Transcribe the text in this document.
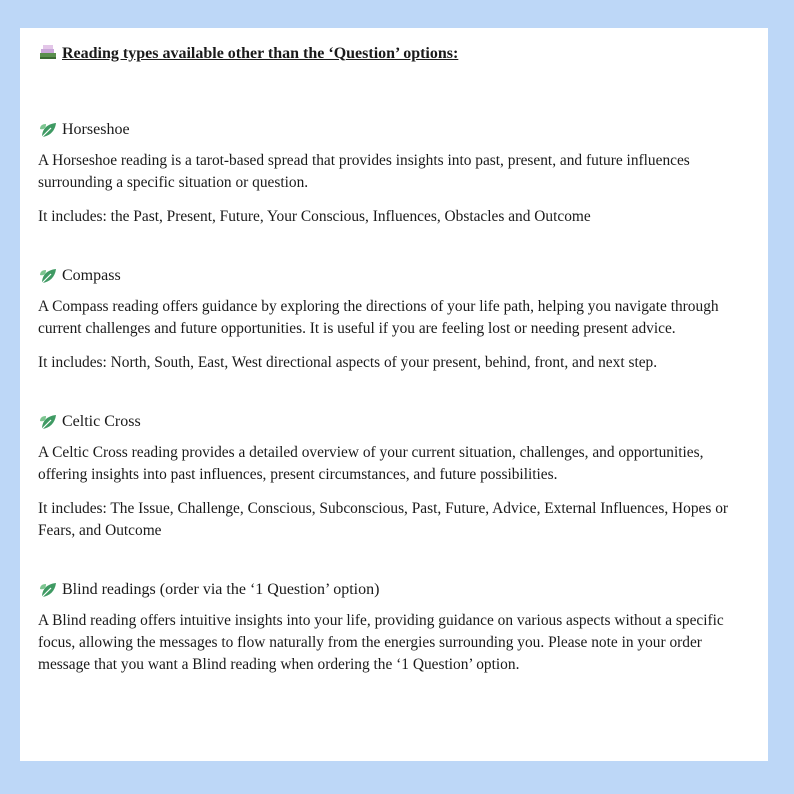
Reading types available other than the ‘Question’ options:
Horseshoe

A Horseshoe reading is a tarot-based spread that provides insights into past, present, and future influences surrounding a specific situation or question.

It includes: the Past, Present, Future, Your Conscious, Influences, Obstacles and Outcome

Compass

A Compass reading offers guidance by exploring the directions of your life path, helping you navigate through current challenges and future opportunities. It is useful if you are feeling lost or needing present advice.

It includes: North, South, East, West directional aspects of your present, behind, front, and next step.

Celtic Cross

A Celtic Cross reading provides a detailed overview of your current situation, challenges, and opportunities, offering insights into past influences, present circumstances, and future possibilities.

It includes: The Issue, Challenge, Conscious, Subconscious, Past, Future, Advice, External Influences, Hopes or Fears, and Outcome

Blind readings (order via the ‘1 Question’ option)

A Blind reading offers intuitive insights into your life, providing guidance on various aspects without a specific focus, allowing the messages to flow naturally from the energies surrounding you. Please note in your order message that you want a Blind reading when ordering the ‘1 Question’ option.
